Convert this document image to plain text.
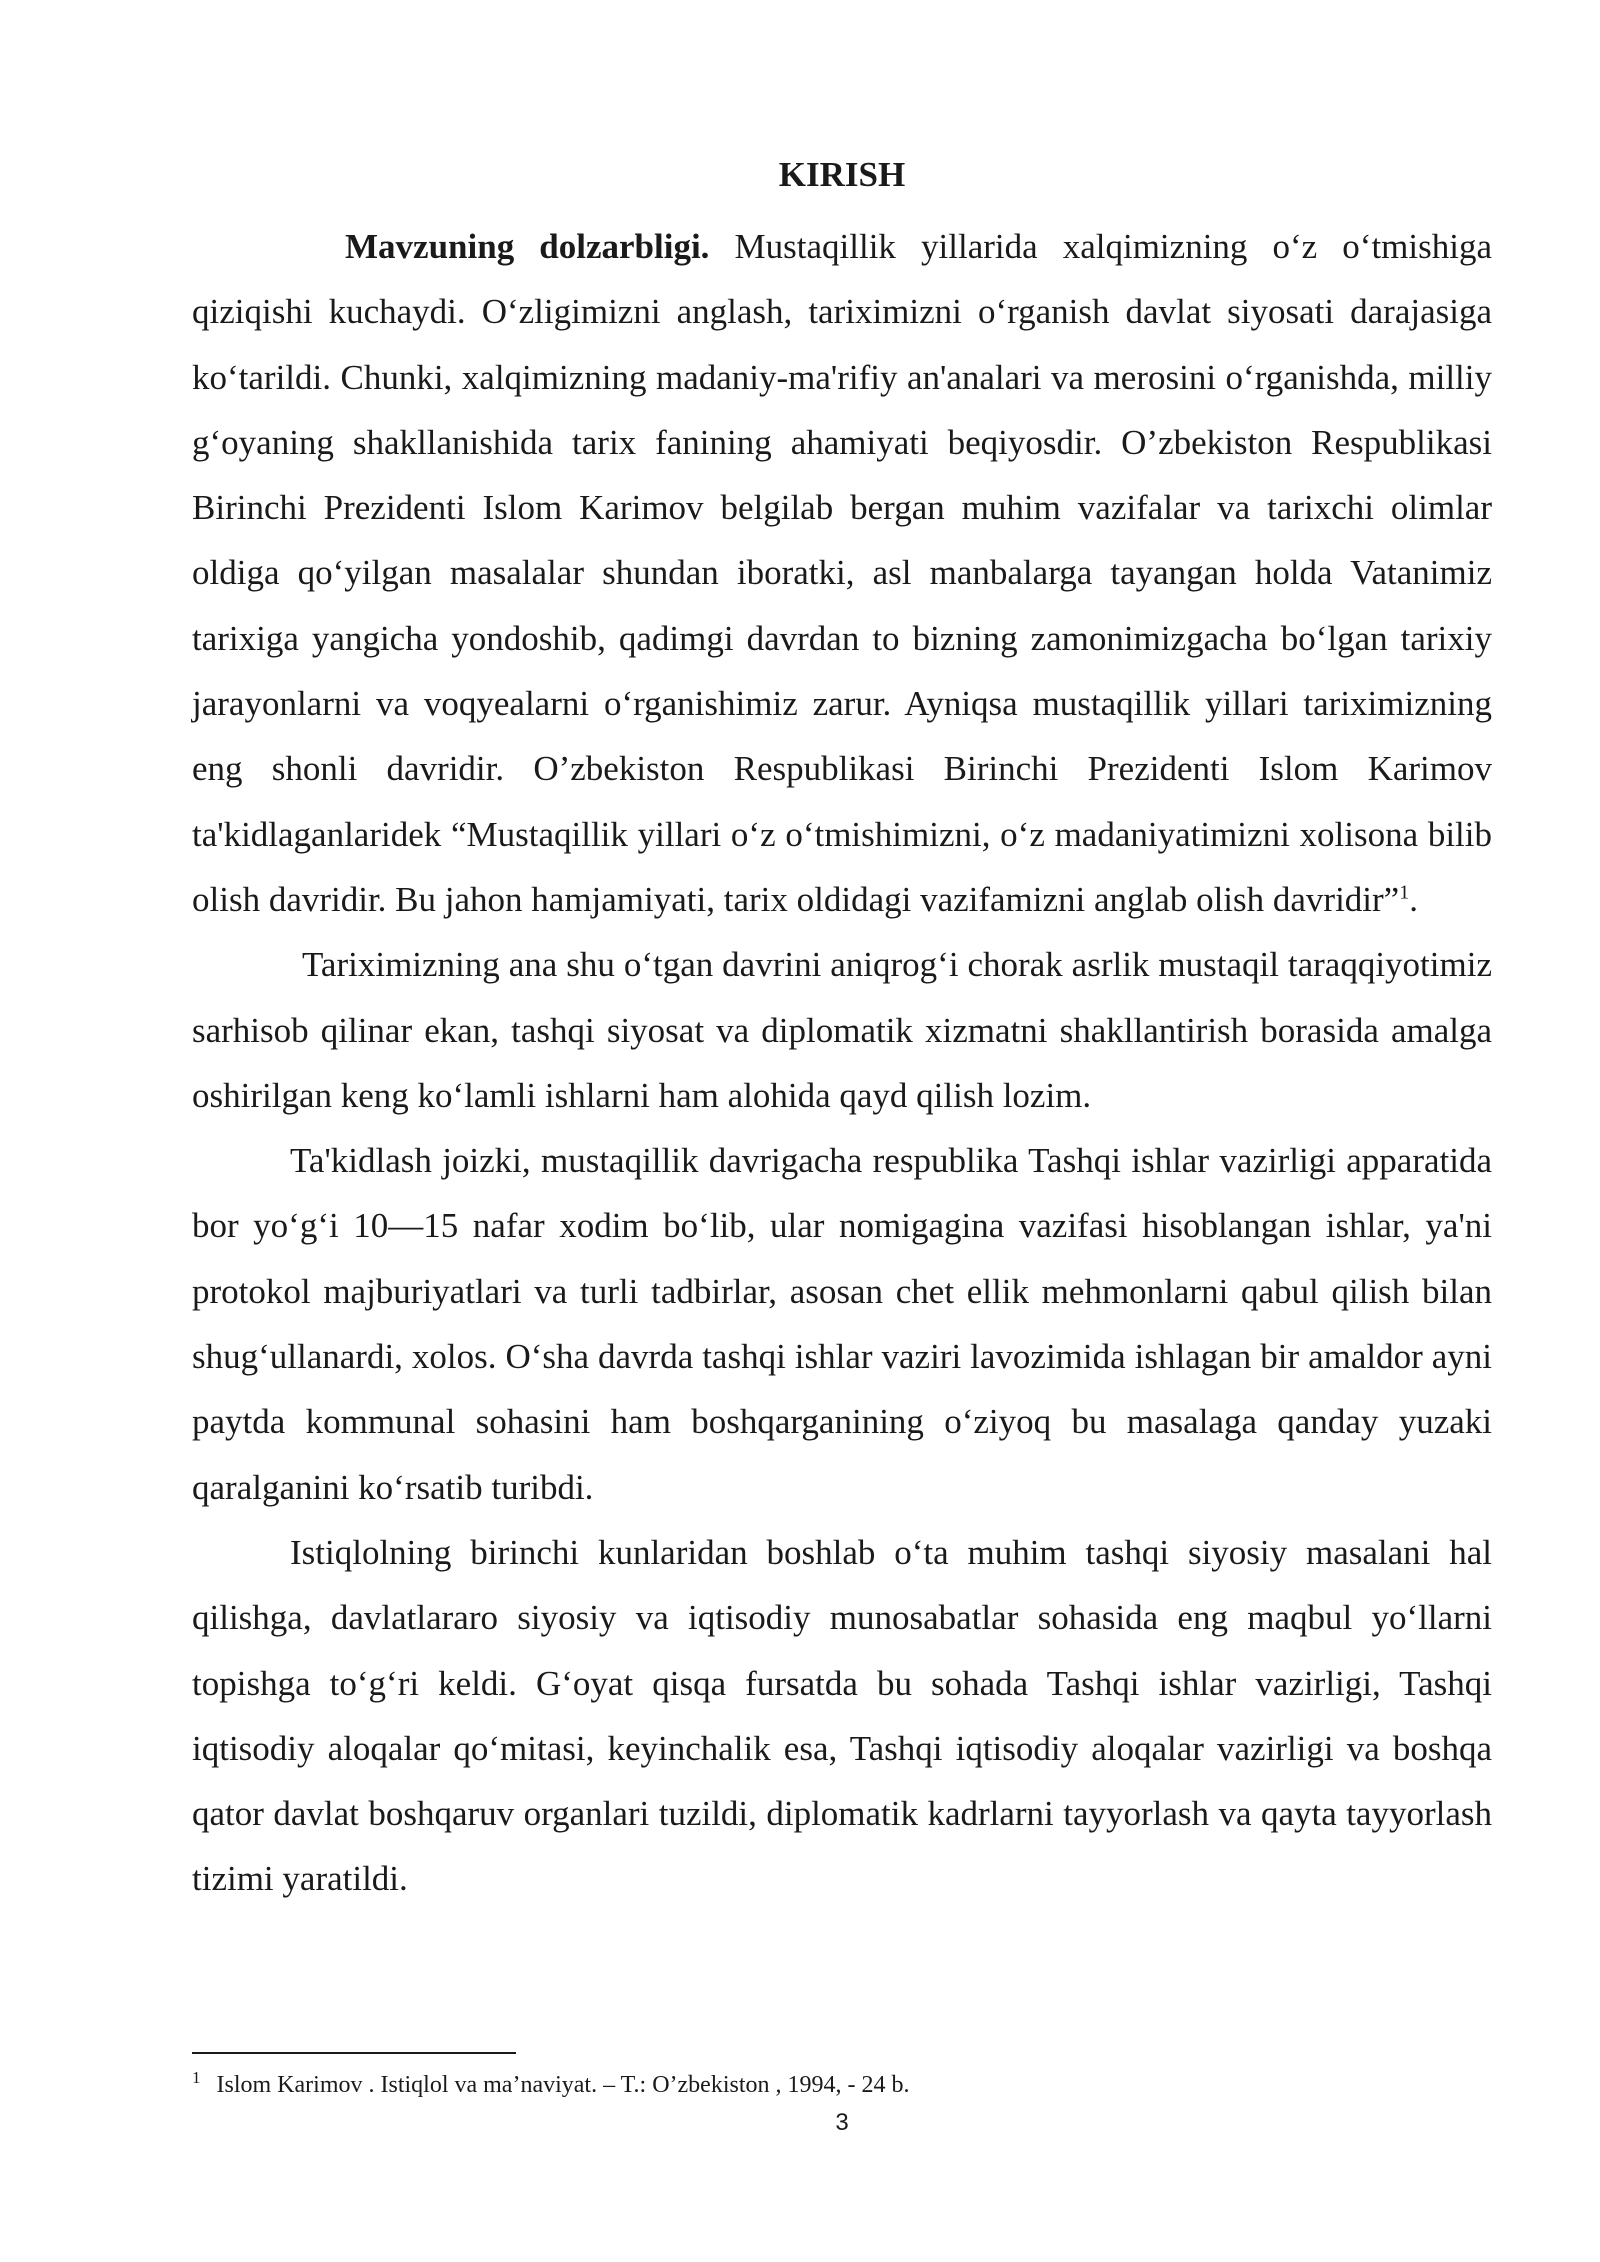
KIRISH

Mavzuning dolzarbligi. Mustaqillik yillarida xalqimizning o‘z o‘tmishiga qiziqishi kuchaydi. O‘zligimizni anglash, tariximizni o‘rganish davlat siyosati darajasiga ko‘tarildi. Chunki, xalqimizning madaniy-ma'rifiy an'analari va merosini o‘rganishda, milliy g‘oyaning shakllanishida tarix fanining ahamiyati beqiyosdir. O’zbekiston Respublikasi Birinchi Prezidenti Islom Karimov belgilab bergan muhim vazifalar va tarixchi olimlar oldiga qo‘yilgan masalalar shundan iboratki, asl manbalarga tayangan holda Vatanimiz tarixiga yangicha yondoshib, qadimgi davrdan to bizning zamonimizgacha bo‘lgan tarixiy jarayonlarni va voqyealarni o‘rganishimiz zarur. Ayniqsa mustaqillik yillari tariximizning eng shonli davridir. O’zbekiston Respublikasi Birinchi Prezidenti Islom Karimov ta'kidlaganlaridek “Mustaqillik yillari o‘z o‘tmishimizni, o‘z madaniyatimizni xolisona bilib olish davridir. Bu jahon hamjamiyati, tarix oldidagi vazifamizni anglab olish davridir”$^1$.

Tariximizning ana shu o‘tgan davrini aniqrog‘i chorak asrlik mustaqil taraqqiyotimiz sarhisob qilinar ekan, tashqi siyosat va diplomatik xizmatni shakllantirish borasida amalga oshirilgan keng ko‘lamli ishlarni ham alohida qayd qilish lozim.

Ta'kidlash joizki, mustaqillik davrigacha respublika Tashqi ishlar vazirligi apparatida bor yo‘g‘i 10—15 nafar xodim bo‘lib, ular nomigagina vazifasi hisoblangan ishlar, ya'ni protokol majburiyatlari va turli tadbirlar, asosan chet ellik mehmonlarni qabul qilish bilan shug‘ullanardi, xolos. O‘sha davrda tashqi ishlar vaziri lavozimida ishlagan bir amaldor ayni paytda kommunal sohasini ham boshqarganining o‘ziyoq bu masalaga qanday yuzaki qaralganini ko‘rsatib turibdi.

Istiqlolning birinchi kunlaridan boshlab o‘ta muhim tashqi siyosiy masalani hal qilishga, davlatlararo siyosiy va iqtisodiy munosabatlar sohasida eng maqbul yo‘llarni topishga to‘g‘ri keldi. G‘oyat qisqa fursatda bu sohada Tashqi ishlar vazirligi, Tashqi iqtisodiy aloqalar qo‘mitasi, keyinchalik esa, Tashqi iqtisodiy aloqalar vazirligi va boshqa qator davlat boshqaruv organlari tuzildi, diplomatik kadrlarni tayyorlash va qayta tayyorlash tizimi yaratildi.

$^1$ Islom Karimov . Istiqlol va ma’naviyat. – T.: O’zbekiston , 1994, - 24 b.

3
